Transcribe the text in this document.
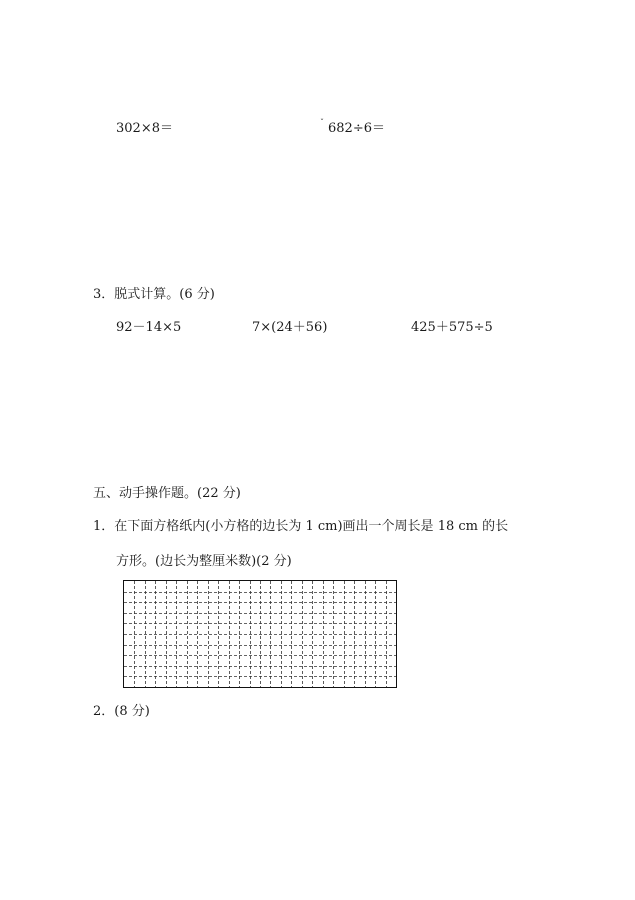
302×8＝	ˇ 682÷6＝
3．脱式计算。(6 分)
92－14×5	7×(24＋56)	425＋575÷5
五、动手操作题。(22 分)
1．在下面方格纸内(小方格的边长为 1 cm)画出一个周长是 18 cm 的长
方形。(边长为整厘米数)(2 分)
2．(8 分)
